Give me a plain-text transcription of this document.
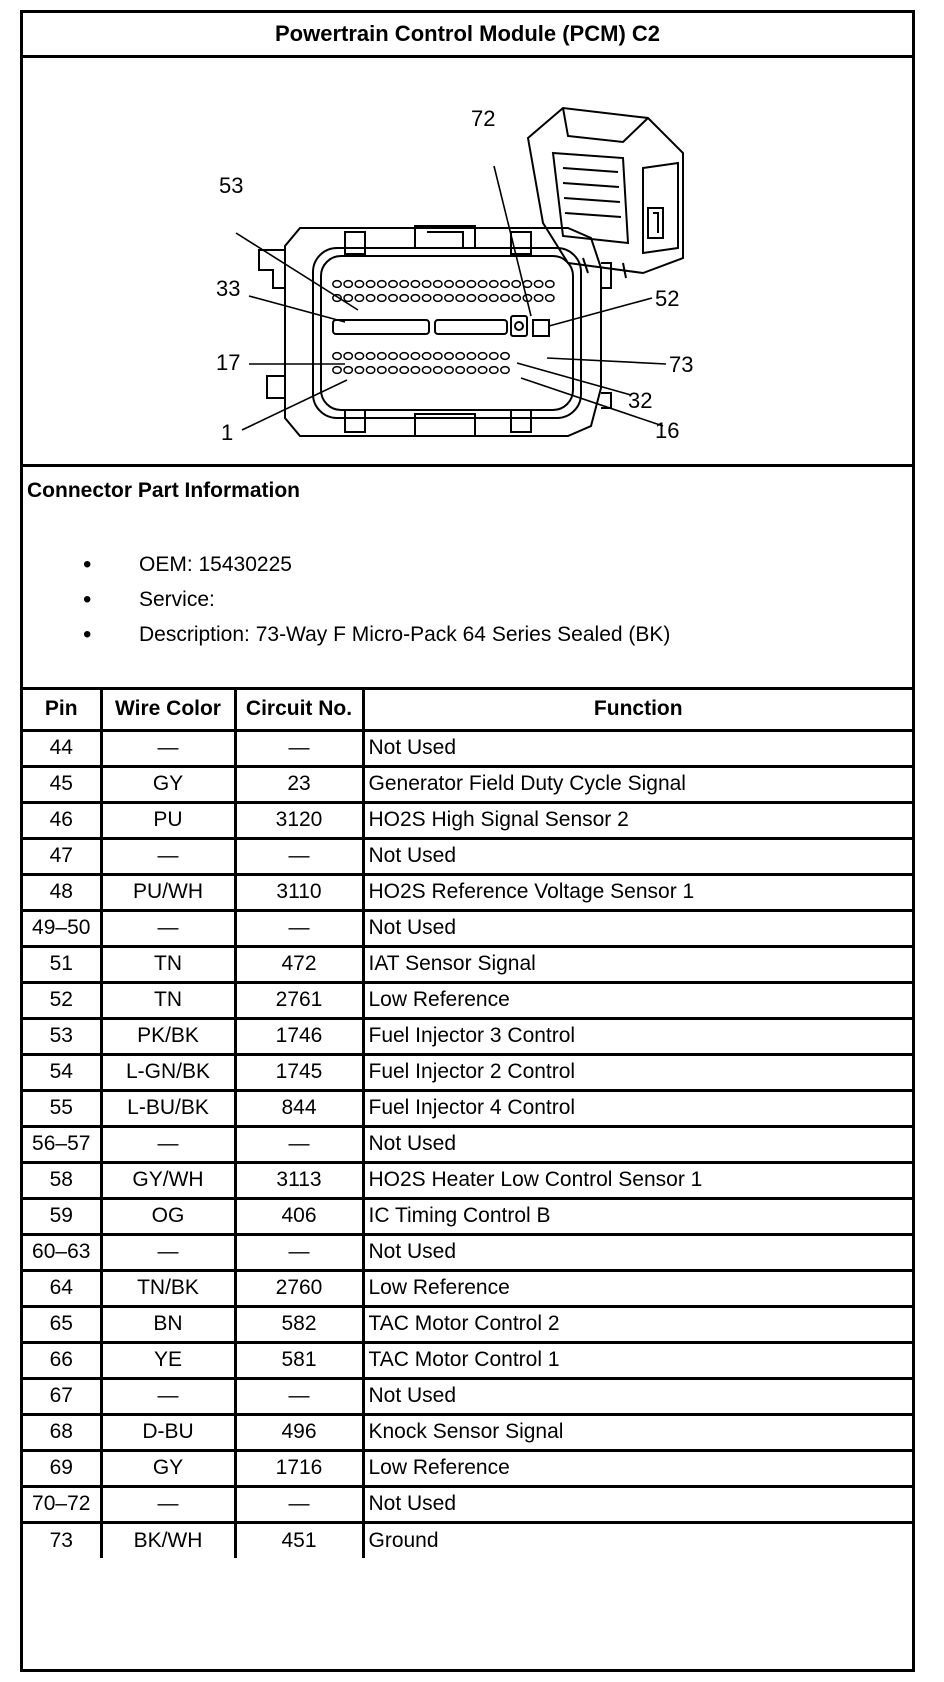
Powertrain Control Module (PCM) C2
53
33
17
1
72
52
73
32
16
Connector Part Information
• OEM: 15430225
• Service:
• Description: 73-Way F Micro-Pack 64 Series Sealed (BK)
Pin	Wire Color	Circuit No.	Function
44	—	—	Not Used
45	GY	23	Generator Field Duty Cycle Signal
46	PU	3120	HO2S High Signal Sensor 2
47	—	—	Not Used
48	PU/WH	3110	HO2S Reference Voltage Sensor 1
49–50	—	—	Not Used
51	TN	472	IAT Sensor Signal
52	TN	2761	Low Reference
53	PK/BK	1746	Fuel Injector 3 Control
54	L-GN/BK	1745	Fuel Injector 2 Control
55	L-BU/BK	844	Fuel Injector 4 Control
56–57	—	—	Not Used
58	GY/WH	3113	HO2S Heater Low Control Sensor 1
59	OG	406	IC Timing Control B
60–63	—	—	Not Used
64	TN/BK	2760	Low Reference
65	BN	582	TAC Motor Control 2
66	YE	581	TAC Motor Control 1
67	—	—	Not Used
68	D-BU	496	Knock Sensor Signal
69	GY	1716	Low Reference
70–72	—	—	Not Used
73	BK/WH	451	Ground
